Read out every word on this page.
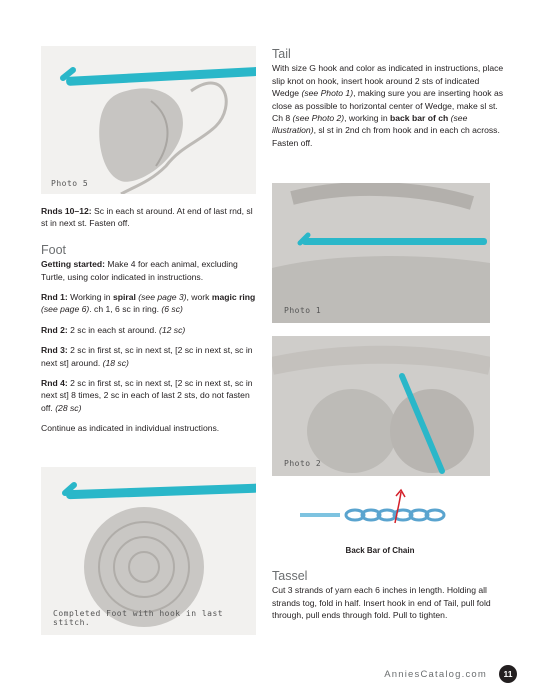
Photo 5

Rnds 10–12: Sc in each st around. At end of last rnd, sl st in next st. Fasten off.

Foot

Getting started: Make 4 for each animal, excluding Turtle, using color indicated in instructions.

Rnd 1: Working in spiral (see page 3), work magic ring (see page 6). ch 1, 6 sc in ring. (6 sc)

Rnd 2: 2 sc in each st around. (12 sc)

Rnd 3: 2 sc in first st, sc in next st, [2 sc in next st, sc in next st] around. (18 sc)

Rnd 4: 2 sc in first st, sc in next st, [2 sc in next st, sc in next st] 8 times, 2 sc in each of last 2 sts, do not fasten off. (28 sc)

Continue as indicated in individual instructions.

Completed Foot with hook in last stitch.
Tail

With size G hook and color as indicated in instructions, place slip knot on hook, insert hook around 2 sts of indicated Wedge (see Photo 1), making sure you are inserting hook as close as possible to horizontal center of Wedge, make sl st. Ch 8 (see Photo 2), working in back bar of ch (see illustration), sl st in 2nd ch from hook and in each ch across. Fasten off.

Photo 1
Photo 2
Back Bar of Chain
Tassel

Cut 3 strands of yarn each 6 inches in length. Holding all strands tog, fold in half. Insert hook in end of Tail, pull fold through, pull ends through fold. Pull to tighten.

AnniesCatalog.com	11
